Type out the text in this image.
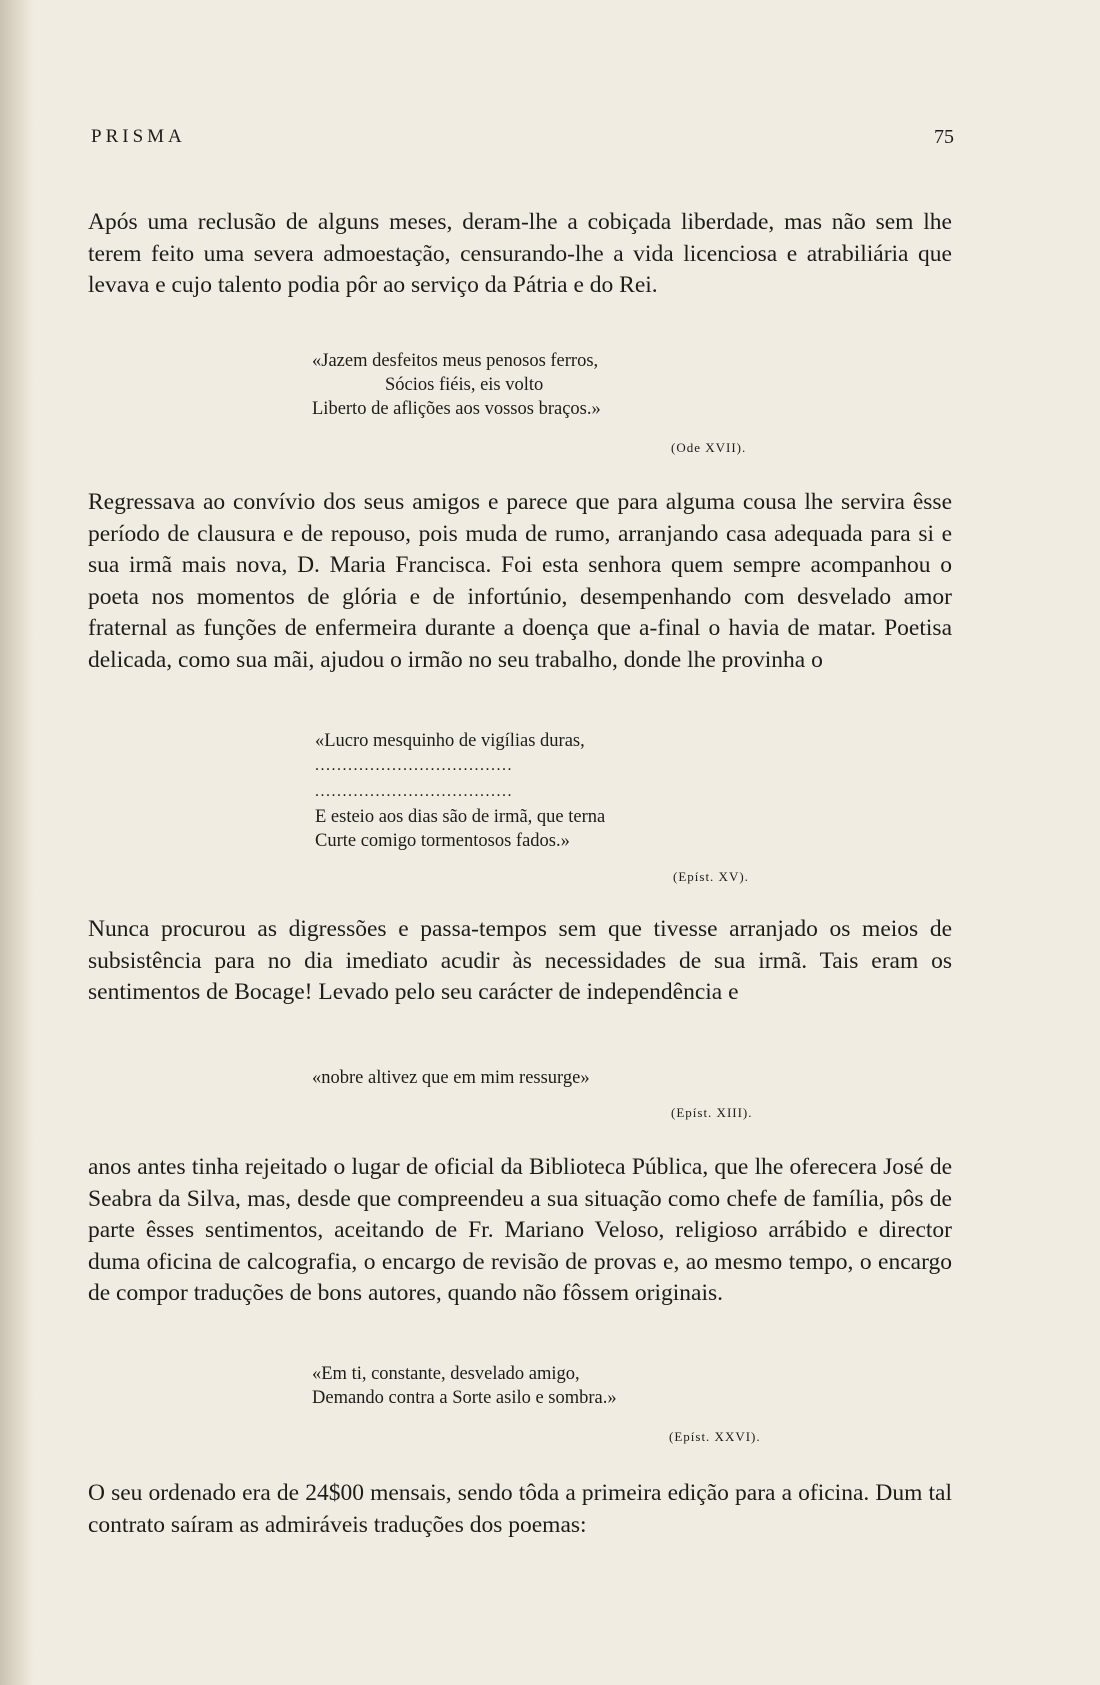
PRISMA	75

Após uma reclusão de alguns meses, deram-lhe a cobiçada liberdade, mas não sem lhe terem feito uma severa admoestação, censurando-lhe a vida licenciosa e atrabiliária que levava e cujo talento podia pôr ao serviço da Pátria e do Rei.

«Jazem desfeitos meus penosos ferros,
Sócios fiéis, eis volto
Liberto de aflições aos vossos braços.»
(Ode XVII).

Regressava ao convívio dos seus amigos e parece que para alguma cousa lhe servira êsse período de clausura e de repouso, pois muda de rumo, arranjando casa adequada para si e sua irmã mais nova, D. Maria Francisca. Foi esta senhora quem sempre acompanhou o poeta nos momentos de glória e de infortúnio, desempenhando com desvelado amor fraternal as funções de enfermeira durante a doença que a-final o havia de matar. Poetisa delicada, como sua mãi, ajudou o irmão no seu trabalho, donde lhe provinha o

«Lucro mesquinho de vigílias duras,
....................................
....................................
E esteio aos dias são de irmã, que terna
Curte comigo tormentosos fados.»
(Epíst. XV).

Nunca procurou as digressões e passa-tempos sem que tivesse arranjado os meios de subsistência para no dia imediato acudir às necessidades de sua irmã. Tais eram os sentimentos de Bocage! Levado pelo seu carácter de independência e

«nobre altivez que em mim ressurge»
(Epíst. XIII).

anos antes tinha rejeitado o lugar de oficial da Biblioteca Pública, que lhe oferecera José de Seabra da Silva, mas, desde que compreendeu a sua situação como chefe de família, pôs de parte êsses sentimentos, aceitando de Fr. Mariano Veloso, religioso arrábido e director duma oficina de calcografia, o encargo de revisão de provas e, ao mesmo tempo, o encargo de compor traduções de bons autores, quando não fôssem originais.

«Em ti, constante, desvelado amigo,
Demando contra a Sorte asilo e sombra.»
(Epíst. XXVI).

O seu ordenado era de 24$00 mensais, sendo tôda a primeira edição para a oficina. Dum tal contrato saíram as admiráveis traduções dos poemas:
